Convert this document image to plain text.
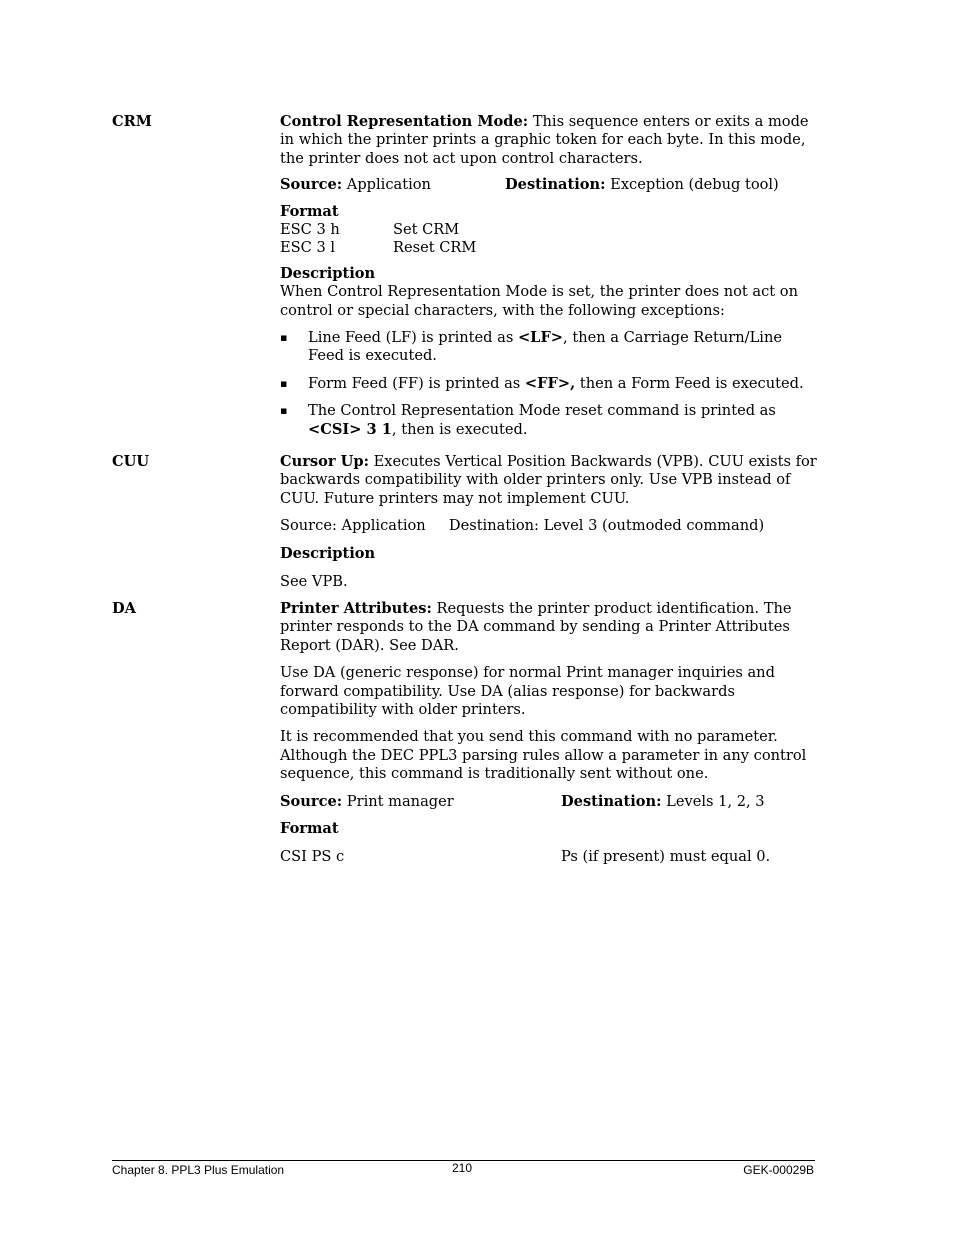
CRM	Control Representation Mode: This sequence enters or exits a mode in which the printer prints a graphic token for each byte. In this mode, the printer does not act upon control characters.

Source: Application	Destination: Exception (debug tool)

Format

ESC 3 h	Set CRM
ESC 3 l	Reset CRM

Description

When Control Representation Mode is set, the printer does not act on control or special characters, with the following exceptions:

▪ Line Feed (LF) is printed as <LF>, then a Carriage Return/Line Feed is executed.
▪ Form Feed (FF) is printed as <FF>, then a Form Feed is executed.
▪ The Control Representation Mode reset command is printed as <CSI> 3 1, then is executed.
CUU	Cursor Up: Executes Vertical Position Backwards (VPB). CUU exists for backwards compatibility with older printers only. Use VPB instead of CUU. Future printers may not implement CUU.

Source: Application     Destination: Level 3 (outmoded command)

Description

See VPB.

DA	Printer Attributes: Requests the printer product identification. The printer responds to the DA command by sending a Printer Attributes Report (DAR). See DAR.

Use DA (generic response) for normal Print manager inquiries and forward compatibility. Use DA (alias response) for backwards compatibility with older printers.

It is recommended that you send this command with no parameter. Although the DEC PPL3 parsing rules allow a parameter in any control sequence, this command is traditionally sent without one.

Source: Print manager	Destination: Levels 1, 2, 3

Format

CSI PS c	Ps (if present) must equal 0.
Chapter 8. PPL3 Plus Emulation	210	GEK-00029B
